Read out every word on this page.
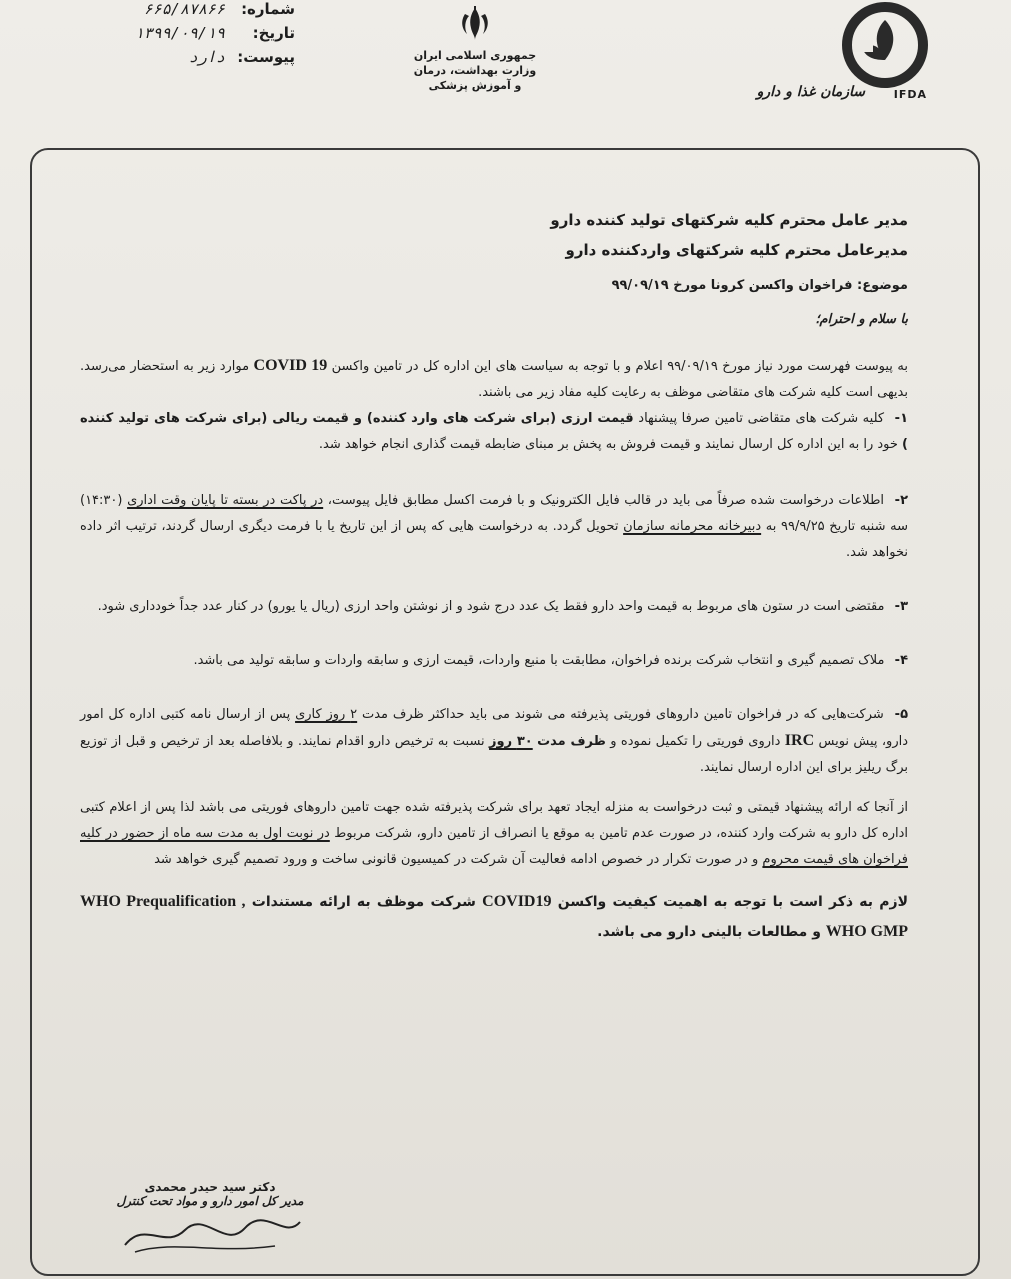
شماره:
۶۶۵/۸۷۸۶۶
تاریخ:
۱۳۹۹/۰۹/۱۹
پیوست:
دارد	جمهوری اسلامی ایران
وزارت بهداشت، درمان
و آموزش پزشکی	سازمان غذا و دارو	IFDA
مدیر عامل محترم کلیه شرکتهای تولید کننده دارو
مدیرعامل محترم کلیه شرکتهای واردکننده دارو
موضوع: فراخوان واکسن کرونا مورخ ۹۹/۰۹/۱۹
با سلام و احترام؛

به پیوست فهرست مورد نیاز مورخ ۹۹/۰۹/۱۹ اعلام و با توجه به سیاست های این اداره کل در تامین واکسن COVID 19 موارد زیر به استحضار می‌رسد. بدیهی است کلیه شرکت های متقاضی موظف به رعایت کلیه مفاد زیر می باشند.

۱- کلیه شرکت های متقاضی تامین صرفا پیشنهاد قیمت ارزی (برای شرکت های وارد کننده) و قیمت ریالی (برای شرکت های تولید کننده ) خود را به این اداره کل ارسال نمایند و قیمت فروش به پخش بر مبنای ضابطه قیمت گذاری انجام خواهد شد.

۲- اطلاعات درخواست شده صرفاً می باید در قالب فایل الکترونیک و با فرمت اکسل مطابق فایل پیوست، در پاکت در بسته تا پایان وقت اداری (۱۴:۳۰) سه شنبه تاریخ ۹۹/۹/۲۵ به دبیرخانه محرمانه سازمان تحویل گردد. به درخواست هایی که پس از این تاریخ یا با فرمت دیگری ارسال گردند، ترتیب اثر داده نخواهد شد.

۳- مقتضی است در ستون های مربوط به قیمت واحد دارو فقط یک عدد درج شود و از نوشتن واحد ارزی (ریال یا یورو) در کنار عدد جداً خودداری شود.

۴- ملاک تصمیم گیری و انتخاب شرکت برنده فراخوان، مطابقت با منبع واردات، قیمت ارزی و سابقه واردات و سابقه تولید می باشد.

۵- شرکت‌هایی که در فراخوان تامین داروهای فوریتی پذیرفته می شوند می باید حداکثر ظرف مدت ۲ روز کاری پس از ارسال نامه کتبی اداره کل امور دارو، پیش نویس IRC داروی فوریتی را تکمیل نموده و ظرف مدت ۳۰ روز نسبت به ترخیص دارو اقدام نمایند. و بلافاصله بعد از ترخیص و قبل از توزیع برگ ریلیز برای این اداره ارسال نمایند.

از آنجا که ارائه پیشنهاد قیمتی و ثبت درخواست به منزله ایجاد تعهد برای شرکت پذیرفته شده جهت تامین داروهای فوریتی می باشد لذا پس از اعلام کتبی اداره کل دارو به شرکت وارد کننده، در صورت عدم تامین به موقع یا انصراف از تامین دارو، شرکت مربوط در نوبت اول به مدت سه ماه از حضور در کلیه فراخوان های قیمت محروم و در صورت تکرار در خصوص ادامه فعالیت آن شرکت در کمیسیون قانونی ساخت و ورود تصمیم گیری خواهد شد

لازم به ذکر است با توجه به اهمیت کیفیت واکسن COVID19 شرکت موظف به ارائه مستندات WHO Prequalification , WHO GMP و مطالعات بالینی دارو می باشد.

دکتر سید حیدر محمدی
مدیر کل امور دارو و مواد تحت کنترل
